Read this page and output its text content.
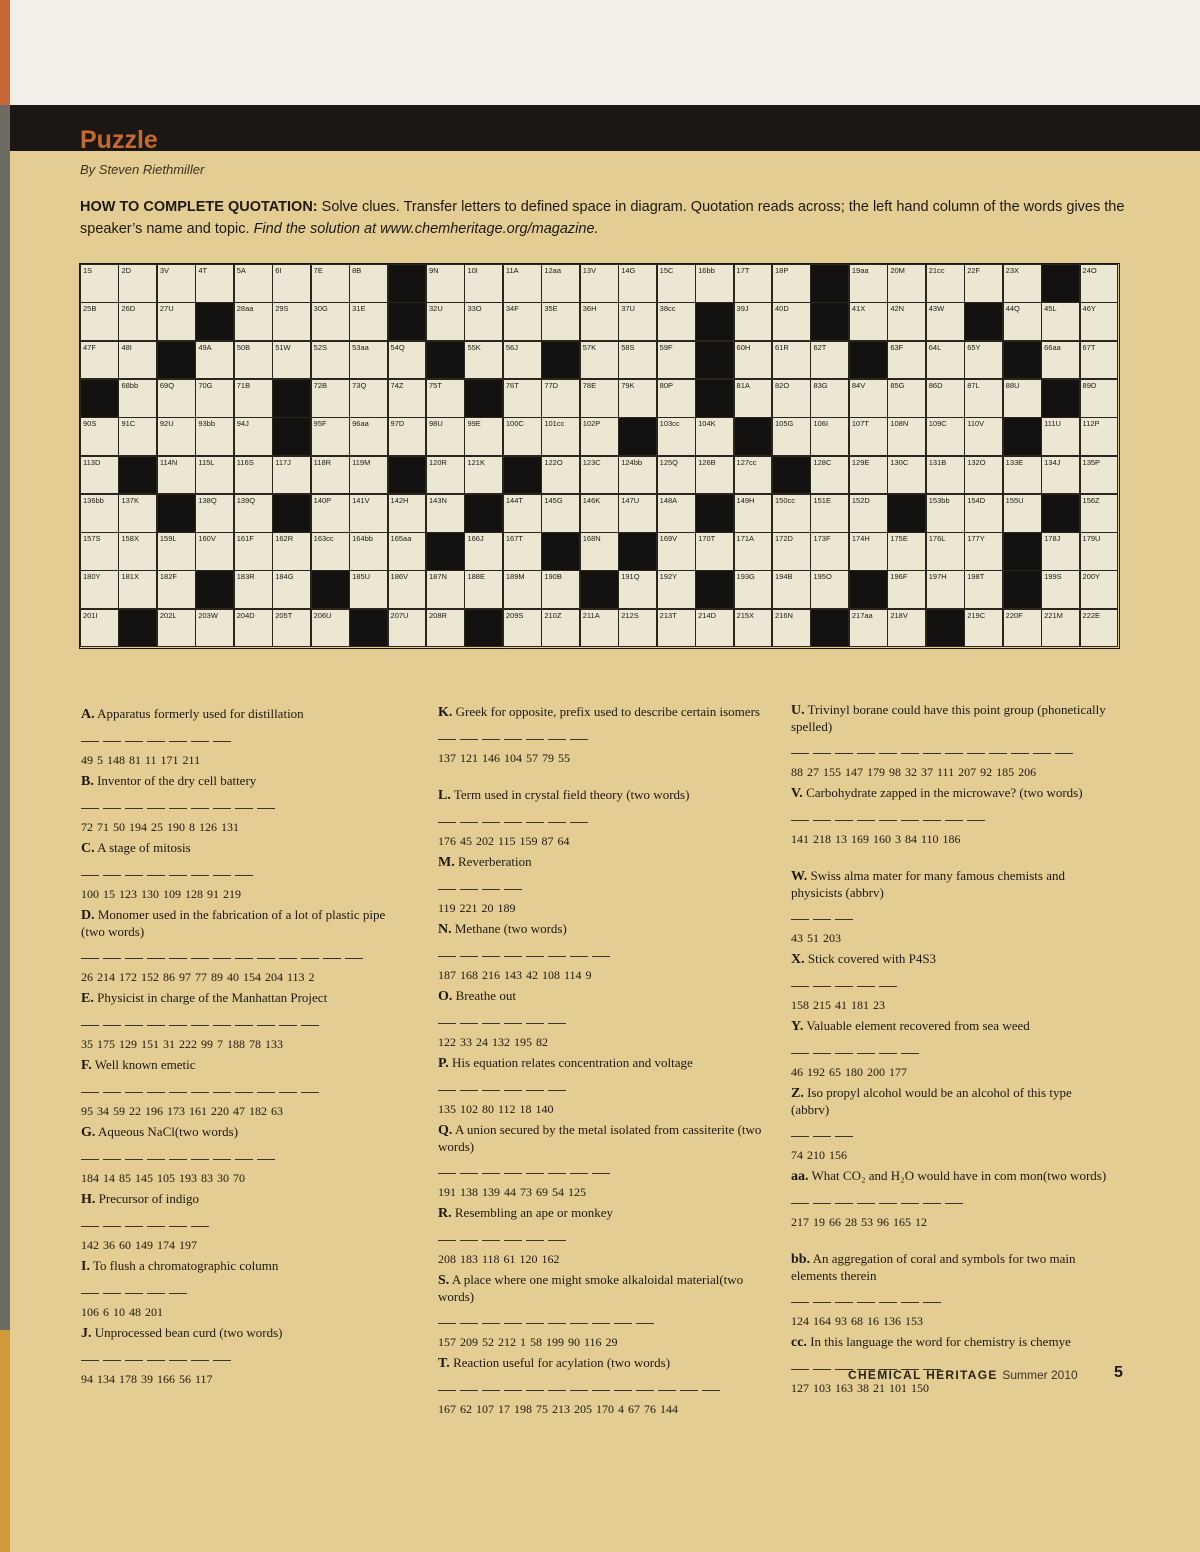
Puzzle
By Steven Riethmiller
HOW TO COMPLETE QUOTATION: Solve clues. Transfer letters to defined space in diagram. Quotation reads across; the left hand column of the words gives the speaker’s name and topic. Find the solution at www.chemheritage.org/magazine.
1S	2D	3V	4T	5A	6I	7E	8B	9N	10I	11A	12aa	13V	14G	15C	16bb	17T	18P	19aa	20M	21cc	22F	23X	24O
25B	26D	27U	28aa	29S	30G	31E	32U	33O	34F	35E	36H	37U	38cc	39J	40D	41X	42N	43W	44Q	45L	46Y
47F	48I	49A	50B	51W	52S	53aa	54Q	55K	56J	57K	58S	59F	60H	61R	62T	63F	64L	65Y	66aa	67T
68bb	69Q	70G	71B	72B	73Q	74Z	75T	76T	77D	78E	79K	80P	81A	82O	83G	84V	85G	86D	87L	88U	89D
90S	91C	92U	93bb	94J	95F	96aa	97D	98U	99E	100C	101cc	102P	103cc	104K	105G	106I	107T	108N	109C	110V	111U	112P
113D	114N	115L	116S	117J	118R	119M	120R	121K	122O	123C	124bb	125Q	126B	127cc	128C	129E	130C	131B	132O	133E	134J	135P
136bb	137K	138Q	139Q	140P	141V	142H	143N	144T	145G	146K	147U	148A	149H	150cc	151E	152D	153bb	154D	155U	156Z
157S	158X	159L	160V	161F	162R	163cc	164bb	165aa	166J	167T	168N	169V	170T	171A	172D	173F	174H	175E	176L	177Y	178J	179U
180Y	181X	182F	183R	184G	185U	186V	187N	188E	189M	190B	191Q	192Y	193G	194B	195O	196F	197H	198T	199S	200Y
201I	202L	203W	204D	205T	206U	207U	208R	209S	210Z	211A	212S	213T	214D	215X	216N	217aa	218V	219C	220F	221M	222E
A. Apparatus formerly used for distillation
49 5 148 81 11 171 211
B. Inventor of the dry cell battery
72 71 50 194 25 190 8 126 131
C. A stage of mitosis
100 15 123 130 109 128 91 219
D. Monomer used in the fabrication of a lot of plastic pipe (two words)
26 214 172 152 86 97 77 89 40 154 204 113 2
E. Physicist in charge of the Manhattan Project
35 175 129 151 31 222 99 7 188 78 133
F. Well known emetic
95 34 59 22 196 173 161 220 47 182 63
G. Aqueous NaCl(two words)
184 14 85 145 105 193 83 30 70
H. Precursor of indigo
142 36 60 149 174 197
I. To flush a chromatographic column
106 6 10 48 201
J. Unprocessed bean curd (two words)
94 134 178 39 166 56 117
K. Greek for opposite, prefix used to describe certain isomers
137 121 146 104 57 79 55
L. Term used in crystal field theory (two words)
176 45 202 115 159 87 64
M. Reverberation
119 221 20 189
N. Methane (two words)
187 168 216 143 42 108 114 9
O. Breathe out
122 33 24 132 195 82
P. His equation relates concentration and voltage
135 102 80 112 18 140
Q. A union secured by the metal isolated from cassiterite (two words)
191 138 139 44 73 69 54 125
R. Resembling an ape or monkey
208 183 118 61 120 162
S. A place where one might smoke alkaloidal material(two words)
157 209 52 212 1 58 199 90 116 29
T. Reaction useful for acylation (two words)
167 62 107 17 198 75 213 205 170 4 67 76 144
U. Trivinyl borane could have this point group (phonetically spelled)
88 27 155 147 179 98 32 37 111 207 92 185 206
V. Carbohydrate zapped in the microwave? (two words)
141 218 13 169 160 3 84 110 186
W. Swiss alma mater for many famous chemists and physicists (abbrv)
43 51 203
X. Stick covered with P4S3
158 215 41 181 23
Y. Valuable element recovered from sea weed
46 192 65 180 200 177
Z. Iso propyl alcohol would be an alcohol of this type (abbrv)
74 210 156
aa. What CO₂ and H₂O would have in com mon(two words)
217 19 66 28 53 96 165 12
bb. An aggregation of coral and symbols for two main elements therein
124 164 93 68 16 136 153
cc. In this language the word for chemistry is chemye
127 103 163 38 21 101 150
CHEMICAL HERITAGE Summer 2010 5
